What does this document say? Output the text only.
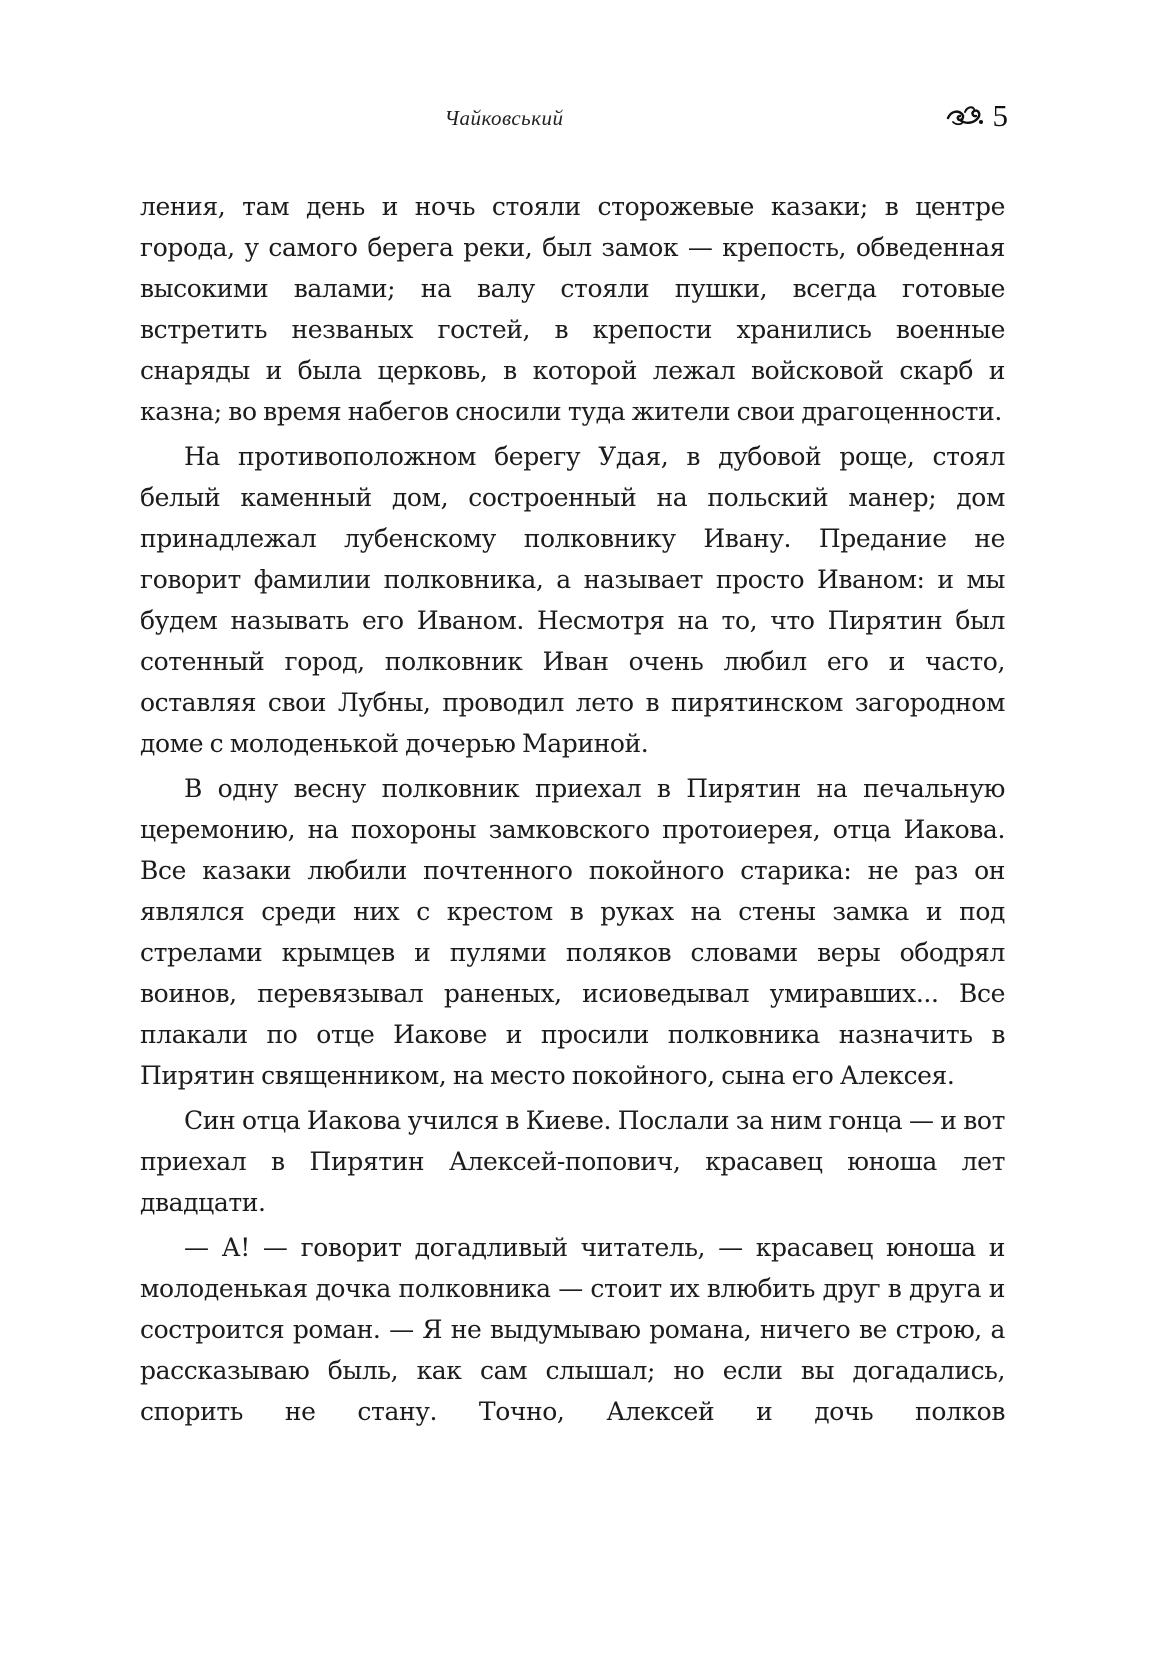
Чайковський	5

ления, там день и ночь стояли сторожевые казаки; в центре города, у самого берега реки, был замок — крепость, обведенная высокими валами; на валу стояли пушки, всегда готовые встретить незваных гостей, в крепости хранились военные снаряды и была церковь, в которой лежал войсковой скарб и казна; во время набегов сносили туда жители свои драгоценности.

На противоположном берегу Удая, в дубовой роще, стоял белый каменный дом, состроенный на польский манер; дом принадлежал лубенскому полковнику Ивану. Предание не говорит фамилии полковника, а называет просто Иваном: и мы будем называть его Иваном. Несмотря на то, что Пирятин был сотенный город, полковник Иван очень любил его и часто, оставляя свои Лубны, проводил лето в пирятинском загородном доме с молоденькой дочерью Мариной.

В одну весну полковник приехал в Пирятин на печальную церемонию, на похороны замковского протоиерея, отца Иакова. Все казаки любили почтенного покойного старика: не раз он являлся среди них с крестом в руках на стены замка и под стрелами крымцев и пулями поляков словами веры ободрял воинов, перевязывал раненых, исиоведывал умиравших... Все плакали по отце Иакове и просили полковника назначить в Пирятин священником, на место покойного, сына его Алексея.

Син отца Иакова учился в Киеве. Послали за ним гонца — и вот приехал в Пирятин Алексей-попович, красавец юноша лет двадцати.

— А! — говорит догадливый читатель, — красавец юноша и молоденькая дочка полковника — стоит их влюбить друг в друга и состроится роман. — Я не выдумываю романа, ничего ве строю, а рассказываю быль, как сам слышал; но если вы догадались, спорить не стану. Точно, Алексей и дочь полков
